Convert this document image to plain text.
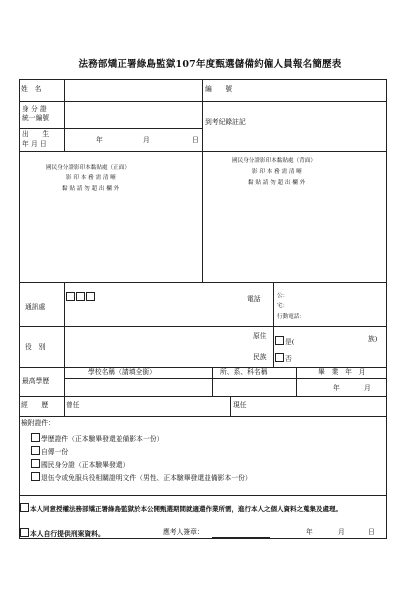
法務部矯正署綠島監獄107年度甄選儲備約僱人員報名簡歷表
姓　名	編　　號
身 分 證
統一編號	到考紀錄註記
出　　生
年 月 日	年	月	日
國民身分證影印本黏貼處（正面）
影 印 本 務 需 清 晰
黏 貼 請 勿 超 出 欄 外
國民身分證影印本黏貼處（背面）
影 印 本 務 需 清 晰
黏 貼 請 勿 超 出 欄 外
通訊處
電話	公：
宅：
行動電話：
役　別
原住
民族
是(	族)
否
最高學歷
學校名稱（請填全銜）	所、系、科名稱	畢　業　年　月
年	月
經　　歷	曾任	現任
檢附證件：
學歷證件（正本驗畢發還並備影本一份）
自傳一份
國民身分證（正本驗畢發還）
退伍令或免服兵役相關證明文件（男性、正本驗畢發還並備影本一份）
本人同意授權法務部矯正署綠島監獄於本公開甄選期間就適還作業所需，進行本人之個人資料之蒐集及處理。
本人自行提供刑案資料。	應考人簽章：	年	月	日
